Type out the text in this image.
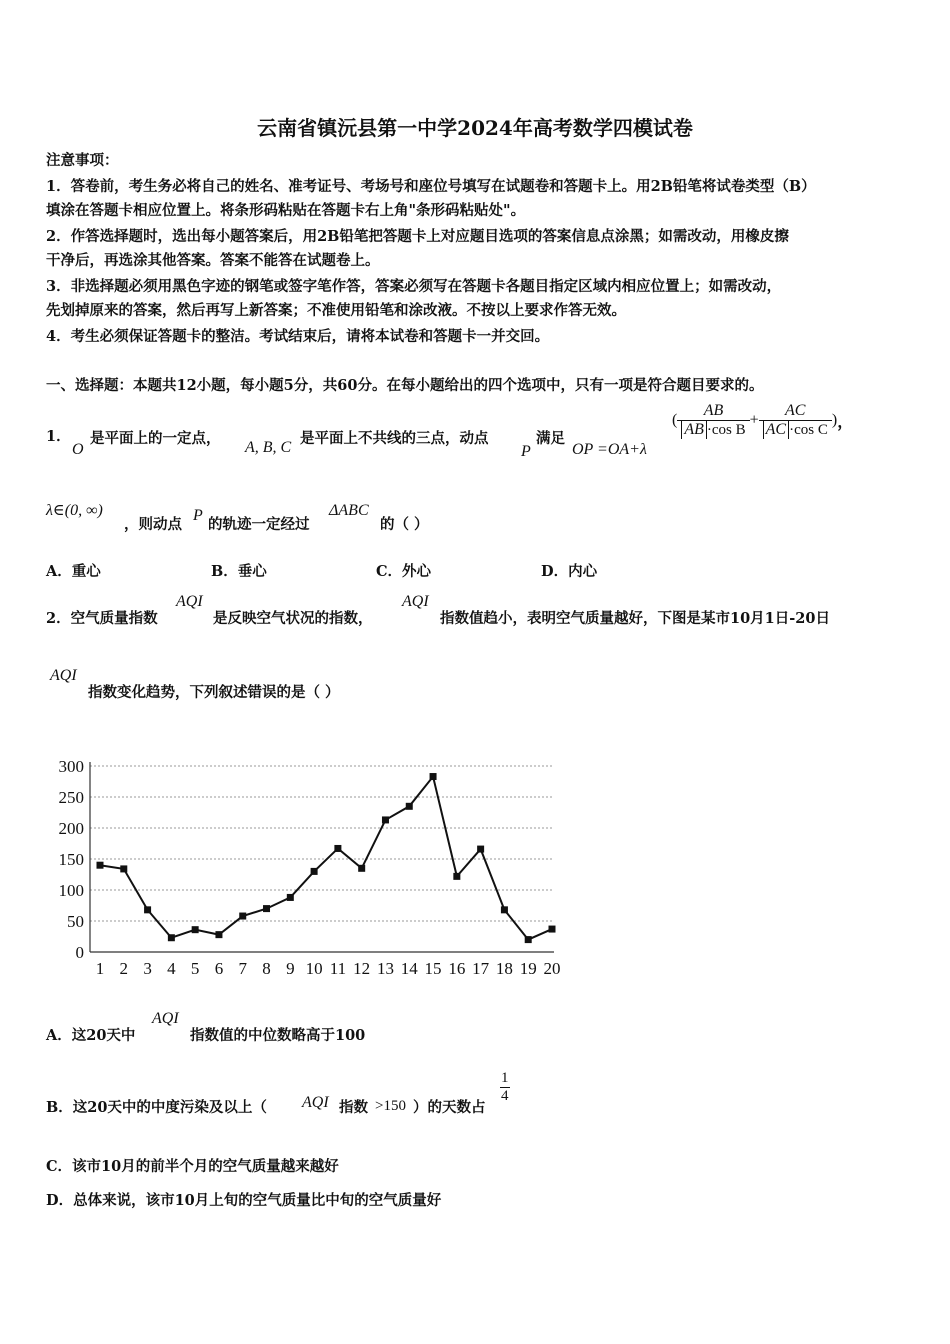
云南省镇沅县第一中学2024年高考数学四模试卷
注意事项：
1．答卷前，考生务必将自己的姓名、准考证号、考场号和座位号填写在试题卷和答题卡上。用2B铅笔将试卷类型（B）
填涂在答题卡相应位置上。将条形码粘贴在答题卡右上角"条形码粘贴处"。
2．作答选择题时，选出每小题答案后，用2B铅笔把答题卡上对应题目选项的答案信息点涂黑；如需改动，用橡皮擦
干净后，再选涂其他答案。答案不能答在试题卷上。
3．非选择题必须用黑色字迹的钢笔或签字笔作答，答案必须写在答题卡各题目指定区域内相应位置上；如需改动，
先划掉原来的答案，然后再写上新答案；不准使用铅笔和涂改液。不按以上要求作答无效。
4．考生必须保证答题卡的整洁。考试结束后，请将本试卷和答题卡一并交回。
一、选择题：本题共12小题，每小题5分，共60分。在每小题给出的四个选项中，只有一项是符合题目要求的。
1．
O
是平面上的一定点，
A, B, C
是平面上不共线的三点，动点
P
满足
OP =OA+λ
( $\frac{AB}{\text{AB ·cos B}} + \frac{AC}{\text{AC ·cos C}}$ )，
λ∈(0, ∞)
，则动点
P
的轨迹一定经过
ΔABC
的（ ）
A．重心	B．垂心	C．外心	D．内心
2．空气质量指数
AQI
是反映空气状况的指数，
AQI
指数值趋小，表明空气质量越好，下图是某市10月1日-20日
AQI
指数变化趋势，下列叙述错误的是（ ）
0
50
100
150
200
250
300
1 2 3 4 5 6 7 8 9 10 11 12 13 14 15 16 17 18 19 20
A．这20天中
AQI
指数值的中位数略高于100
B．这20天中的中度污染及以上（ AQI 指数 >150 ）的天数占
$\frac{1}{4}$
C．该市10月的前半个月的空气质量越来越好
D．总体来说，该市10月上旬的空气质量比中旬的空气质量好
